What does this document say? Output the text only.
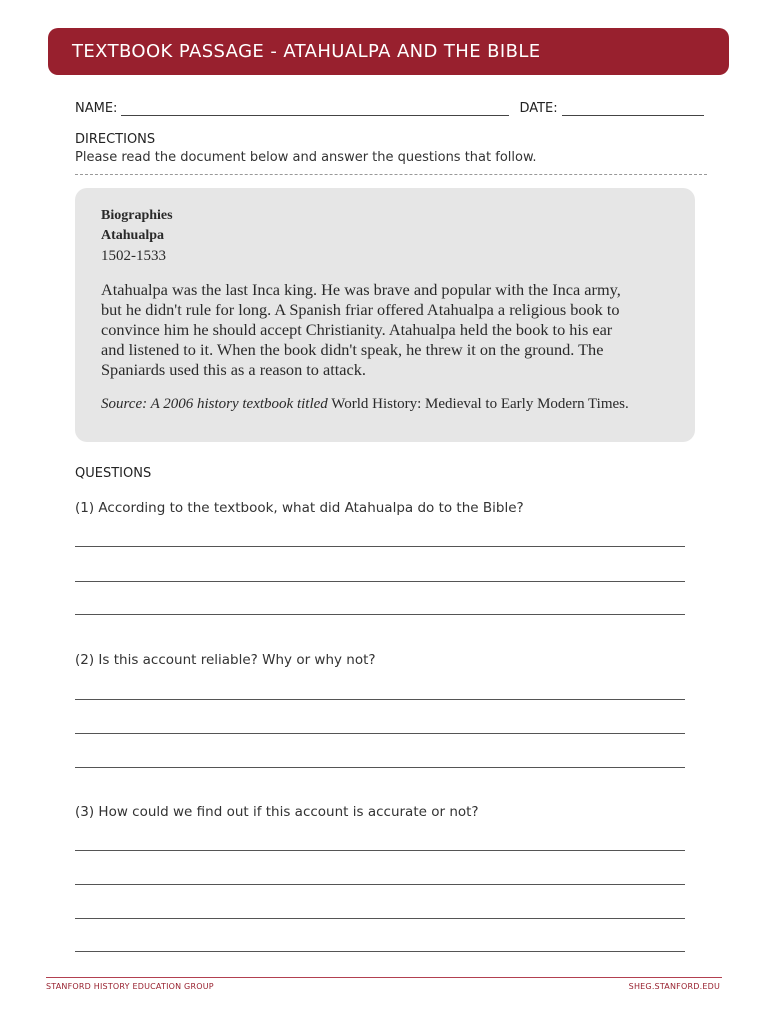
TEXTBOOK PASSAGE - ATAHUALPA AND THE BIBLE
NAME:	DATE:
DIRECTIONS
Please read the document below and answer the questions that follow.
Biographies
Atahualpa
1502-1533
Atahualpa was the last Inca king. He was brave and popular with the Inca army,
but he didn't rule for long. A Spanish friar offered Atahualpa a religious book to
convince him he should accept Christianity. Atahualpa held the book to his ear
and listened to it. When the book didn't speak, he threw it on the ground. The
Spaniards used this as a reason to attack.
Source: A 2006 history textbook titled World History: Medieval to Early Modern Times.
QUESTIONS
(1) According to the textbook, what did Atahualpa do to the Bible?
(2) Is this account reliable? Why or why not?
(3) How could we find out if this account is accurate or not?
STANFORD HISTORY EDUCATION GROUP	SHEG.STANFORD.EDU
